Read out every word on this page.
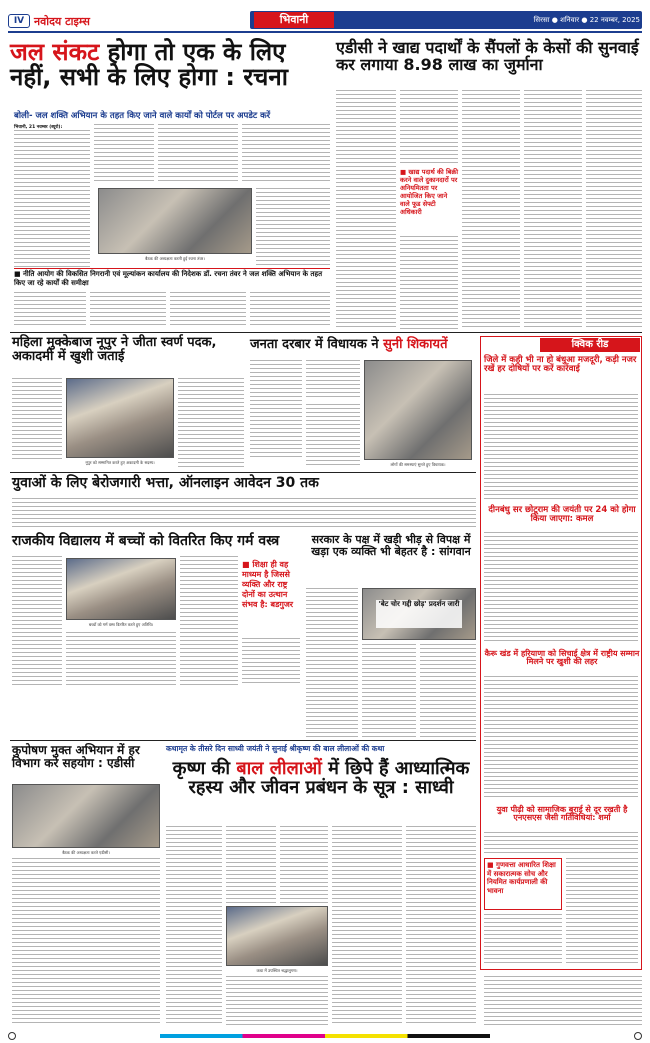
IV नवोदय टाइम्स	भिवानी	सिरसा ● शनिवार ● 22 नवम्बर, 2025
जल संकट होगा तो एक के लिए नहीं, सभी के लिए होगा : रचना
बोली- जल शक्ति अभियान के तहत किए जाने वाले कार्यों को पोर्टल पर अपडेट करें
भिवानी, 21 नवम्बर (ब्यूरो):
बैठक की अध्यक्षता करती हुई रचना तंवर।
■ नीति आयोग की विकसित निगरानी एवं मूल्यांकन कार्यालय की निदेशक डॉ. रचना तंवर ने जल शक्ति अभियान के तहत किए जा रहे कार्यों की समीक्षा
एडीसी ने खाद्य पदार्थों के सैंपलों के केसों की सुनवाई कर लगाया 8.98 लाख का जुर्माना
■ खाद्य पदार्थ की बिक्री करने वाले दुकानदारों पर अनियमितता पर आयोजित किए जाने वाले फूड सेफ्टी अधिकारी
महिला मुक्केबाज नूपुर ने जीता स्वर्ण पदक, अकादमी में खुशी जताई
नूपुर को सम्मानित करते हुए अकादमी के सदस्य।
जनता दरबार में विधायक ने सुनी शिकायतें
लोगों की समस्याएं सुनते हुए विधायक।
क्विक रीड
जिले में कही भी ना हो बंधुआ मजदूरी, कड़ी नजर रखें हर दोषियों पर करें कार्रवाई
दीनबंधु सर छोटूराम की जयंती पर 24 को होगा किया जाएगा: कमल
कैरू खंड में हरियाणा को सिचाई क्षेत्र में राष्ट्रीय सम्मान मिलने पर खुशी की लहर
युवा पीढ़ी को सामाजिक बुराई से दूर रखती है एनएसएस जैसी गतिविधियां: शर्मा
■ गुणवत्ता आधारित शिक्षा में सकारात्मक सोच और नियमित कार्यप्रणाली की भावना
युवाओं के लिए बेरोजगारी भत्ता, ऑनलाइन आवेदन 30 तक
राजकीय विद्यालय में बच्चों को वितरित किए गर्म वस्त्र
बच्चों को गर्म वस्त्र वितरित करते हुए अतिथि।
■ शिक्षा ही वह माध्यम है जिससे व्यक्ति और राष्ट्र दोनों का उत्थान संभव है: बडगुजर
सरकार के पक्ष में खड़ी भीड़ से विपक्ष में खड़ा एक व्यक्ति भी बेहतर है : सांगवान
'बेट चोर गद्दी छोड़' प्रदर्शन जारी
कुपोषण मुक्त अभियान में हर विभाग करे सहयोग : एडीसी
बैठक की अध्यक्षता करते एडीसी।
कथामृत के तीसरे दिन साध्वी जयंती ने सुनाई श्रीकृष्ण की बाल लीलाओं की कथा
कृष्ण की बाल लीलाओं में छिपे हैं आध्यात्मिक रहस्य और जीवन प्रबंधन के सूत्र : साध्वी
कथा में उपस्थित श्रद्धालुगण।
